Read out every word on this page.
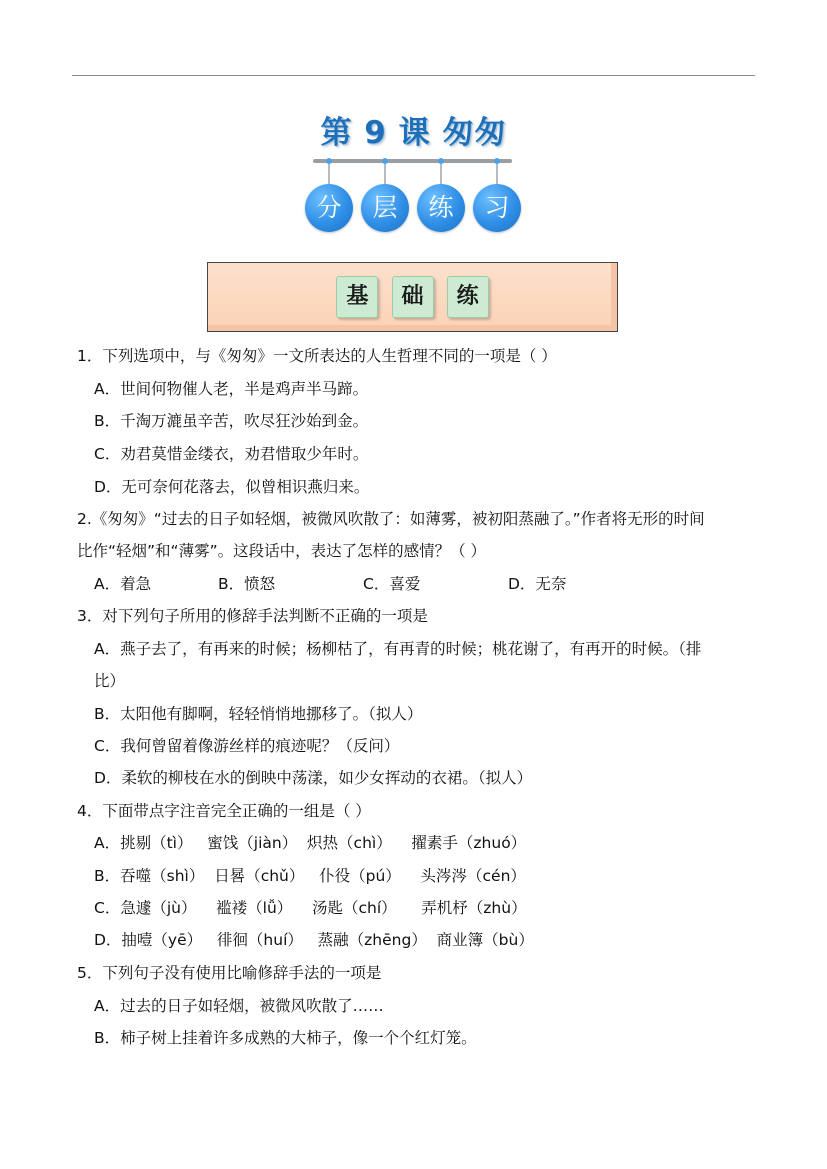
第 9 课 匆匆
分	层	练	习
基 础 练
1．下列选项中，与《匆匆》一文所表达的人生哲理不同的一项是（ ）
A．世间何物催人老，半是鸡声半马蹄。
B．千淘万漉虽辛苦，吹尽狂沙始到金。
C．劝君莫惜金缕衣，劝君惜取少年时。
D．无可奈何花落去，似曾相识燕归来。
2.《匆匆》“过去的日子如轻烟，被微风吹散了：如薄雾，被初阳蒸融了。”作者将无形的时间
比作“轻烟”和“薄雾”。这段话中，表达了怎样的感情？（ ）
A．着急	B．愤怒	C．喜爱	D．无奈
3．对下列句子所用的修辞手法判断不正确的一项是
A．燕子去了，有再来的时候；杨柳枯了，有再青的时候；桃花谢了，有再开的时候。（排
比）
B．太阳他有脚啊，轻轻悄悄地挪移了。（拟人）
C．我何曾留着像游丝样的痕迹呢？（反问）
D．柔软的柳枝在水的倒映中荡漾，如少女挥动的衣裙。（拟人）
4．下面带点字注音完全正确的一组是（ ）
A．挑剔（tì）   蜜饯（jiàn）  炽热（chì）    擢素手（zhuó）
B．吞噬（shì）  日晷（chǔ）   仆役（pú）    头涔涔（cén）
C．急遽（jù）    褴褛（lǚ）    汤匙（chí）     弄机杼（zhù）
D．抽噎（yē）   徘徊（huí）   蒸融（zhēng）  商业簿（bù）
5．下列句子没有使用比喻修辞手法的一项是
A．过去的日子如轻烟，被微风吹散了……
B．柿子树上挂着许多成熟的大柿子，像一个个红灯笼。
